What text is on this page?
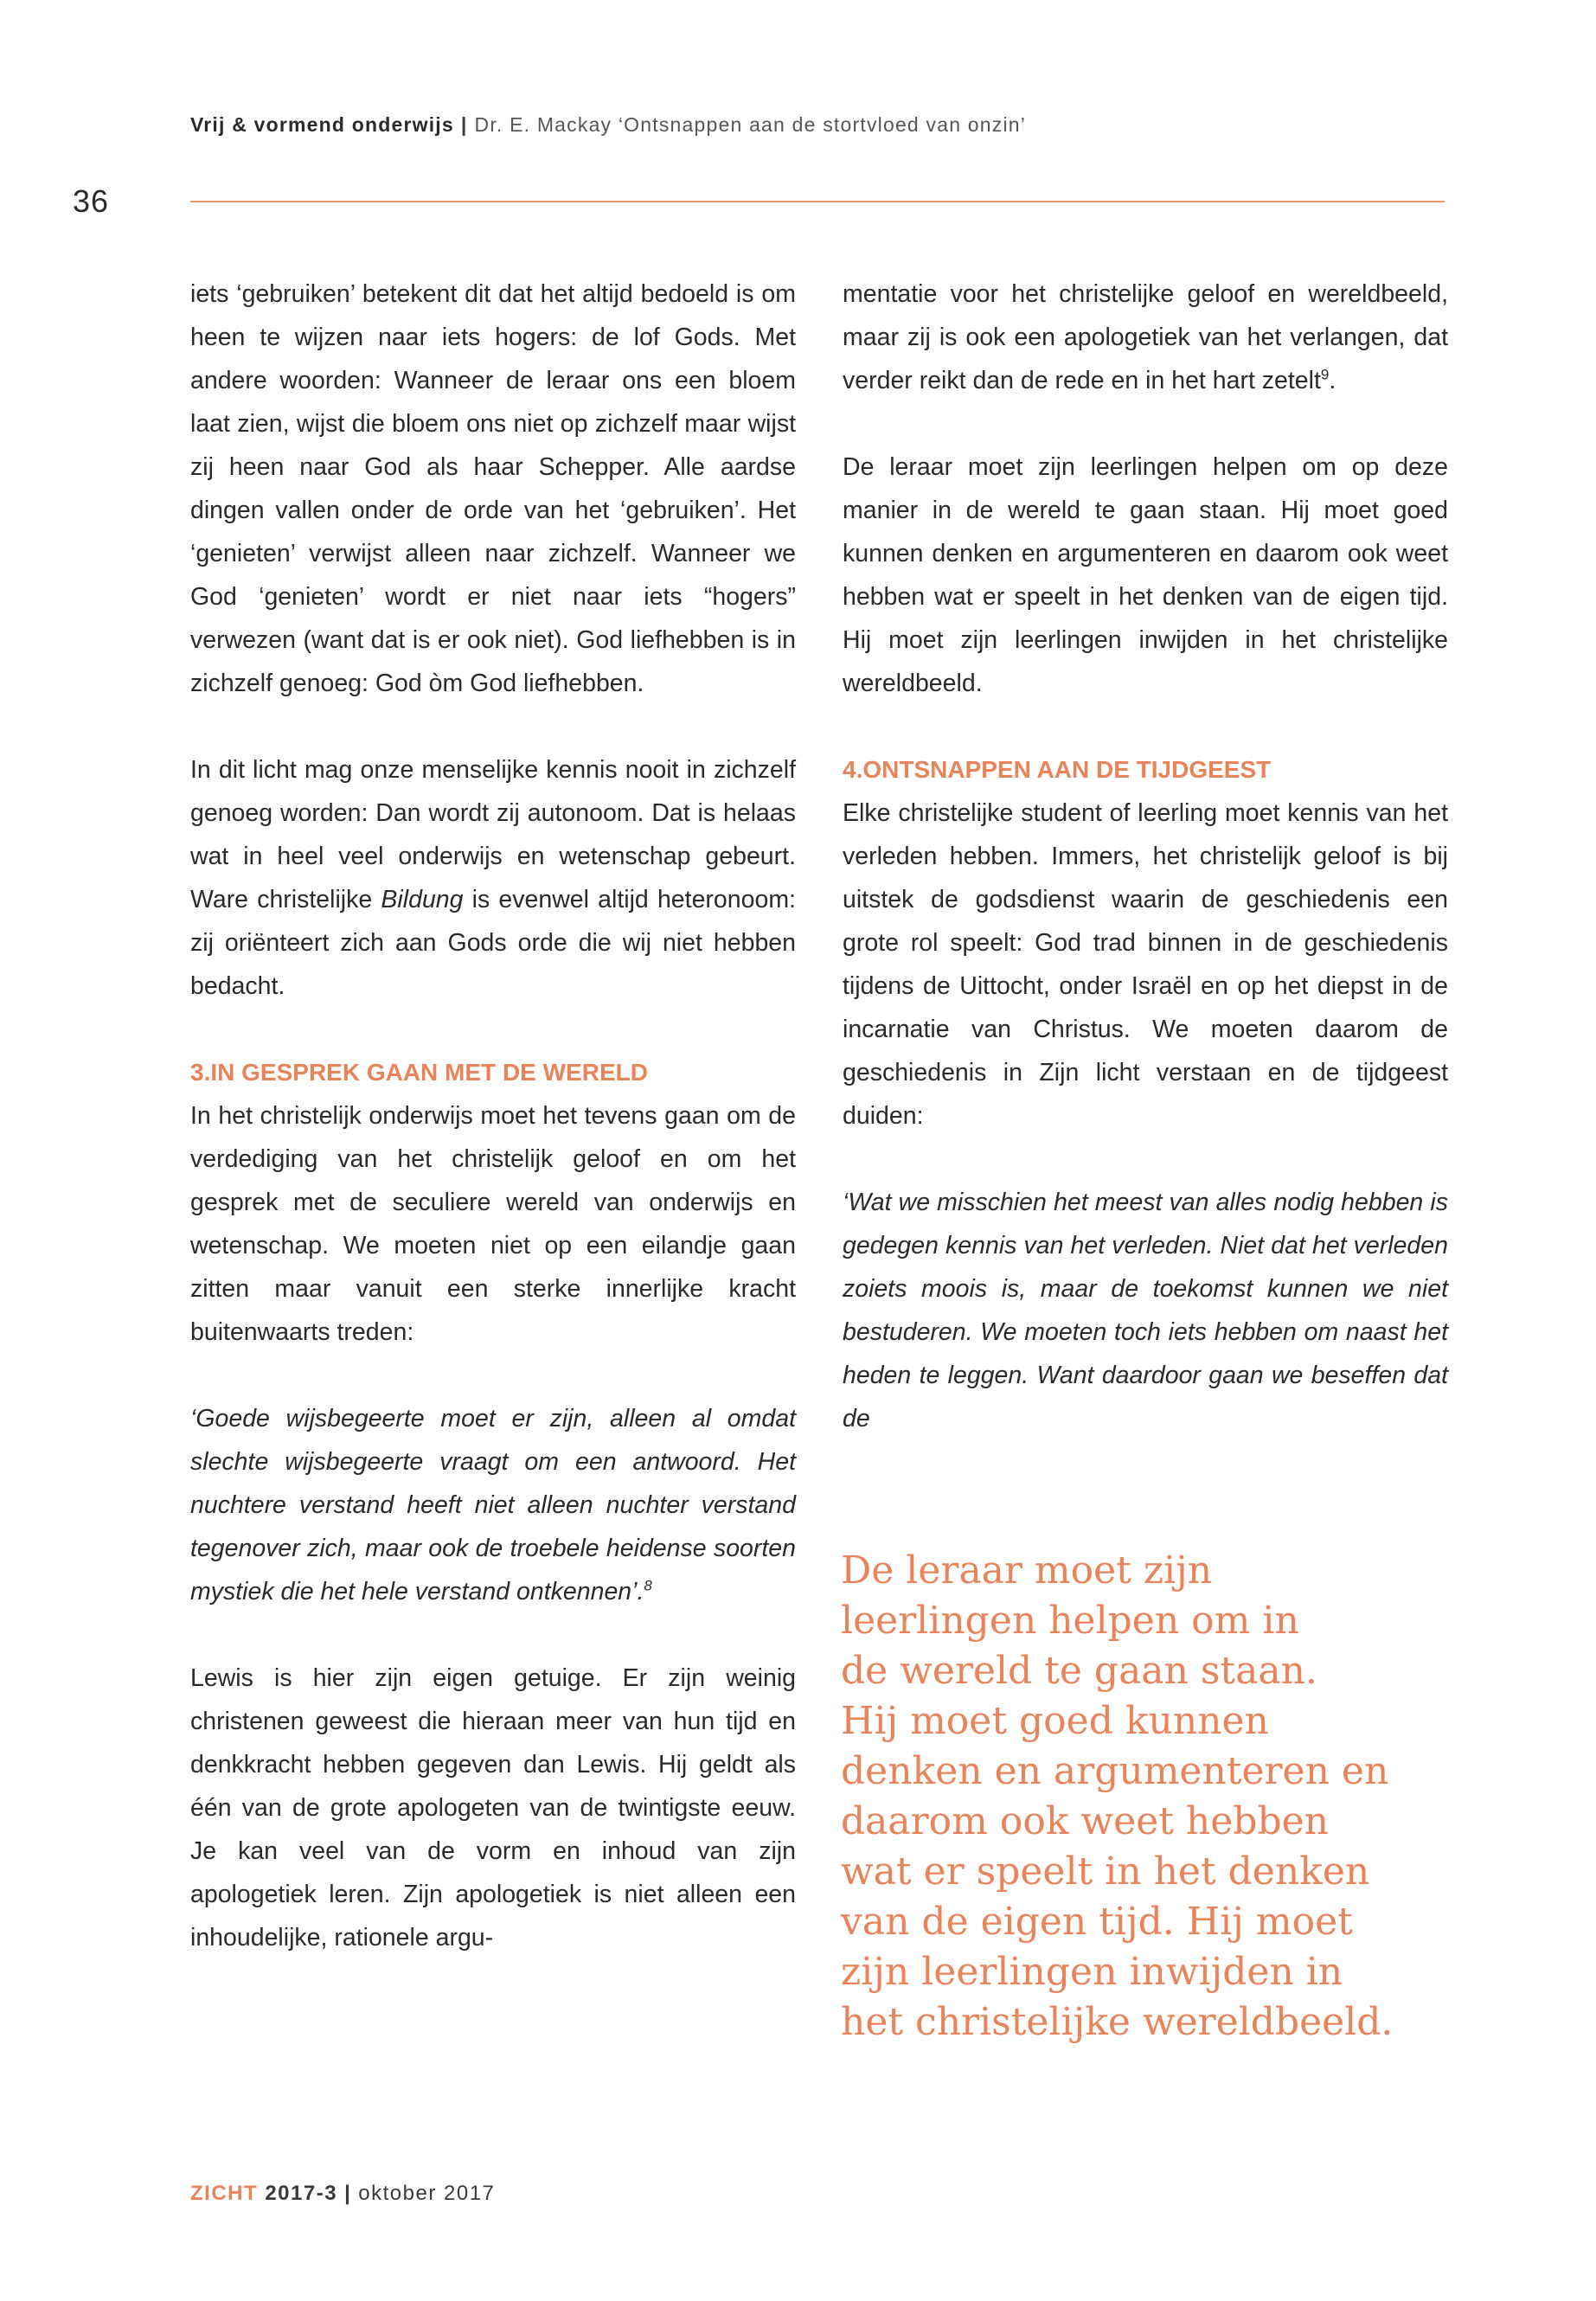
Vrij & vormend onderwijs | Dr. E. Mackay ‘Ontsnappen aan de stortvloed van onzin’
36

iets ‘gebruiken’ betekent dit dat het altijd bedoeld is om heen te wijzen naar iets hogers: de lof Gods. Met andere woorden: Wanneer de leraar ons een bloem laat zien, wijst die bloem ons niet op zichzelf maar wijst zij heen naar God als haar Schepper. Alle aardse dingen vallen onder de orde van het ‘gebruiken’. Het ‘genieten’ verwijst alleen naar zichzelf. Wanneer we God ‘genieten’ wordt er niet naar iets “hogers” verwezen (want dat is er ook niet). God liefhebben is in zichzelf genoeg: God òm God liefhebben.

In dit licht mag onze menselijke kennis nooit in zichzelf genoeg worden: Dan wordt zij autonoom. Dat is helaas wat in heel veel onderwijs en wetenschap gebeurt. Ware christelijke Bildung is evenwel altijd heteronoom: zij oriënteert zich aan Gods orde die wij niet hebben bedacht.

3.IN GESPREK GAAN MET DE WERELD

In het christelijk onderwijs moet het tevens gaan om de verdediging van het christelijk geloof en om het gesprek met de seculiere wereld van onderwijs en wetenschap. We moeten niet op een eilandje gaan zitten maar vanuit een sterke innerlijke kracht buitenwaarts treden:

‘Goede wijsbegeerte moet er zijn, alleen al omdat slechte wijsbegeerte vraagt om een antwoord. Het nuchtere verstand heeft niet alleen nuchter verstand tegenover zich, maar ook de troebele heidense soorten mystiek die het hele verstand ontkennen’.$^8$

Lewis is hier zijn eigen getuige. Er zijn weinig christenen geweest die hieraan meer van hun tijd en denkkracht hebben gegeven dan Lewis. Hij geldt als één van de grote apologeten van de twintigste eeuw. Je kan veel van de vorm en inhoud van zijn apologetiek leren. Zijn apologetiek is niet alleen een inhoudelijke, rationele argu-

mentatie voor het christelijke geloof en wereldbeeld, maar zij is ook een apologetiek van het verlangen, dat verder reikt dan de rede en in het hart zetelt$^9$.

De leraar moet zijn leerlingen helpen om op deze manier in de wereld te gaan staan. Hij moet goed kunnen denken en argumenteren en daarom ook weet hebben wat er speelt in het denken van de eigen tijd. Hij moet zijn leerlingen inwijden in het christelijke wereldbeeld.

4.ONTSNAPPEN AAN DE TIJDGEEST

Elke christelijke student of leerling moet kennis van het verleden hebben. Immers, het christelijk geloof is bij uitstek de godsdienst waarin de geschiedenis een grote rol speelt: God trad binnen in de geschiedenis tijdens de Uittocht, onder Israël en op het diepst in de incarnatie van Christus. We moeten daarom de geschiedenis in Zijn licht verstaan en de tijdgeest duiden:

‘Wat we misschien het meest van alles nodig hebben is gedegen kennis van het verleden. Niet dat het verleden zoiets moois is, maar de toekomst kunnen we niet bestuderen. We moeten toch iets hebben om naast het heden te leggen. Want daardoor gaan we beseffen dat de

De leraar moet zijn
leerlingen helpen om in
de wereld te gaan staan.
Hij moet goed kunnen
denken en argumenteren en
daarom ook weet hebben
wat er speelt in het denken
van de eigen tijd. Hij moet
zijn leerlingen inwijden in
het christelijke wereldbeeld.
ZICHT 2017-3 | oktober 2017
